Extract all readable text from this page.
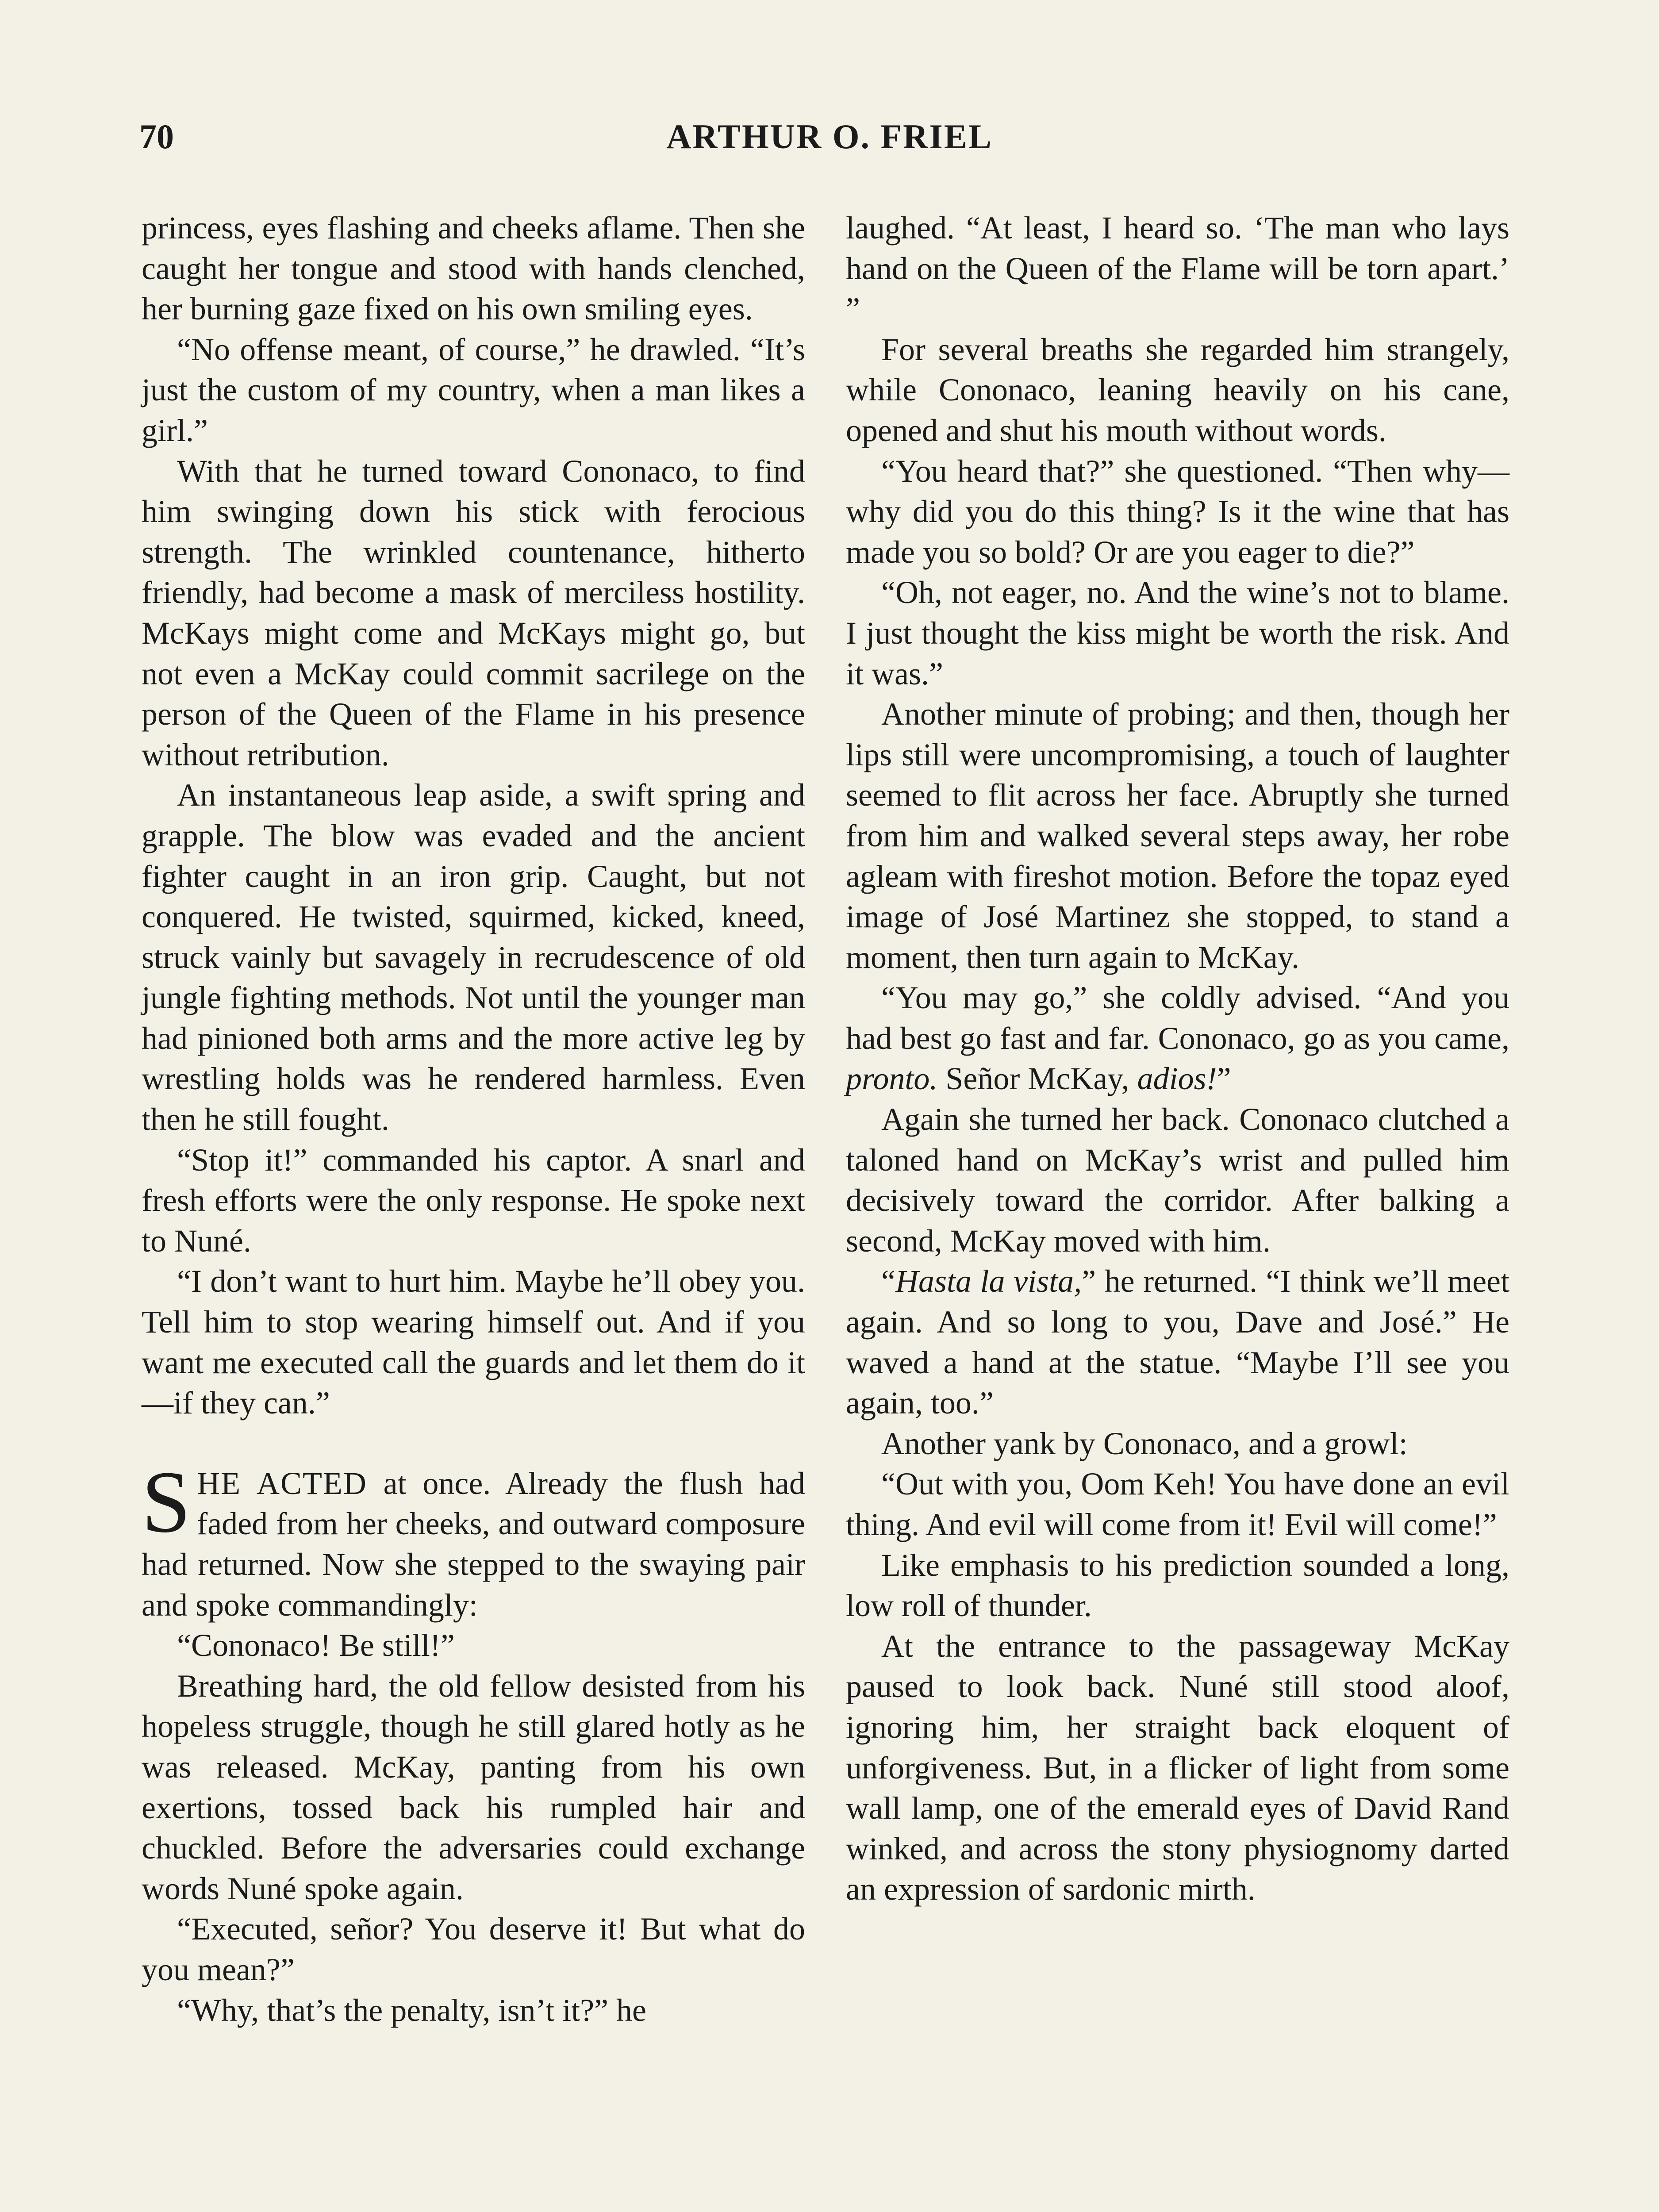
70	ARTHUR O. FRIEL

princess, eyes flashing and cheeks aflame. Then she caught her tongue and stood with hands clenched, her burning gaze fixed on his own smiling eyes.

“No offense meant, of course,” he drawled. “It’s just the custom of my country, when a man likes a girl.”

With that he turned toward Cononaco, to find him swinging down his stick with ferocious strength. The wrinkled countenance, hitherto friendly, had become a mask of merciless hostility. McKays might come and McKays might go, but not even a McKay could commit sacrilege on the person of the Queen of the Flame in his presence without retribution.

An instantaneous leap aside, a swift spring and grapple. The blow was evaded and the ancient fighter caught in an iron grip. Caught, but not conquered. He twisted, squirmed, kicked, kneed, struck vainly but savagely in recrudescence of old jungle fighting methods. Not until the younger man had pinioned both arms and the more active leg by wrestling holds was he rendered harmless. Even then he still fought.

“Stop it!” commanded his captor. A snarl and fresh efforts were the only response. He spoke next to Nuné.

“I don’t want to hurt him. Maybe he’ll obey you. Tell him to stop wearing himself out. And if you want me executed call the guards and let them do it—if they can.”

SHE ACTED at once. Already the flush had faded from her cheeks, and outward composure had returned. Now she stepped to the swaying pair and spoke commandingly:

“Cononaco! Be still!”

Breathing hard, the old fellow desisted from his hopeless struggle, though he still glared hotly as he was released. McKay, panting from his own exertions, tossed back his rumpled hair and chuckled. Before the adversaries could exchange words Nuné spoke again.

“Executed, señor? You deserve it! But what do you mean?”

“Why, that’s the penalty, isn’t it?” he

laughed. “At least, I heard so. ‘The man who lays hand on the Queen of the Flame will be torn apart.’ ”

For several breaths she regarded him strangely, while Cononaco, leaning heavily on his cane, opened and shut his mouth without words.

“You heard that?” she questioned. “Then why—why did you do this thing? Is it the wine that has made you so bold? Or are you eager to die?”

“Oh, not eager, no. And the wine’s not to blame. I just thought the kiss might be worth the risk. And it was.”

Another minute of probing; and then, though her lips still were uncompromising, a touch of laughter seemed to flit across her face. Abruptly she turned from him and walked several steps away, her robe agleam with fireshot motion. Before the topaz eyed image of José Martinez she stopped, to stand a moment, then turn again to McKay.

“You may go,” she coldly advised. “And you had best go fast and far. Cononaco, go as you came, pronto. Señor McKay, adios!”

Again she turned her back. Cononaco clutched a taloned hand on McKay’s wrist and pulled him decisively toward the corridor. After balking a second, McKay moved with him.

“Hasta la vista,” he returned. “I think we’ll meet again. And so long to you, Dave and José.” He waved a hand at the statue. “Maybe I’ll see you again, too.”

Another yank by Cononaco, and a growl:

“Out with you, Oom Keh! You have done an evil thing. And evil will come from it! Evil will come!”

Like emphasis to his prediction sounded a long, low roll of thunder.

At the entrance to the passageway McKay paused to look back. Nuné still stood aloof, ignoring him, her straight back eloquent of unforgiveness. But, in a flicker of light from some wall lamp, one of the emerald eyes of David Rand winked, and across the stony physiognomy darted an expression of sardonic mirth.
